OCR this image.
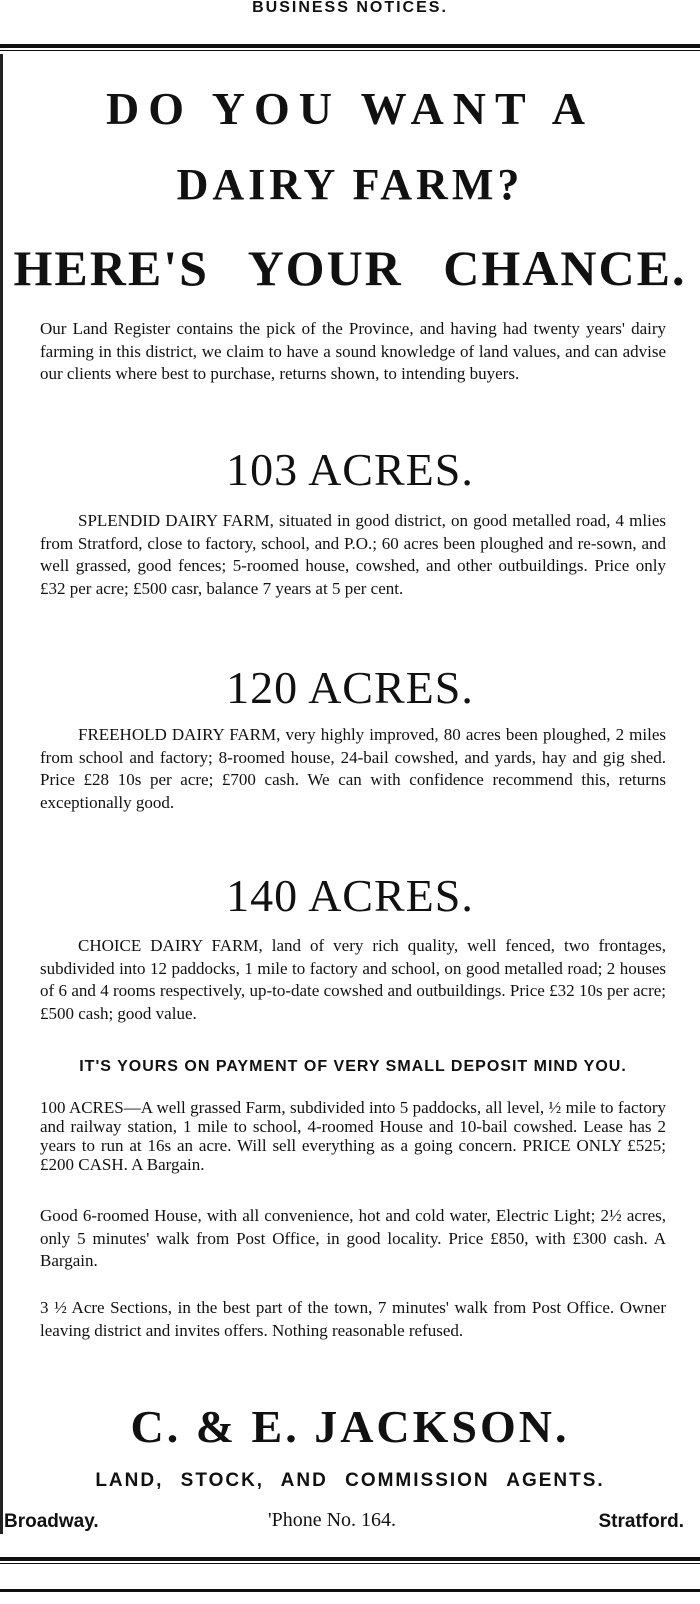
BUSINESS NOTICES.
DO YOU WANT A
DAIRY FARM?
HERE'S YOUR CHANCE.
Our Land Register contains the pick of the Province, and having had twenty years' dairy farming in this district, we claim to have a sound knowledge of land values, and can advise our clients where best to purchase, returns shown, to intending buyers.
103 ACRES.
SPLENDID DAIRY FARM, situated in good district, on good metalled road, 4 mlies from Stratford, close to factory, school, and P.O.; 60 acres been ploughed and re-sown, and well grassed, good fences; 5-roomed house, cowshed, and other outbuildings. Price only £32 per acre; £500 casr, balance 7 years at 5 per cent.
120 ACRES.
FREEHOLD DAIRY FARM, very highly improved, 80 acres been ploughed, 2 miles from school and factory; 8-roomed house, 24-bail cowshed, and yards, hay and gig shed. Price £28 10s per acre; £700 cash. We can with confidence recommend this, returns exceptionally good.
140 ACRES.
CHOICE DAIRY FARM, land of very rich quality, well fenced, two frontages, subdivided into 12 paddocks, 1 mile to factory and school, on good metalled road; 2 houses of 6 and 4 rooms respectively, up-to-date cowshed and outbuildings. Price £32 10s per acre; £500 cash; good value.
IT'S YOURS ON PAYMENT OF VERY SMALL DEPOSIT MIND YOU.
100 ACRES—A well grassed Farm, subdivided into 5 paddocks, all level, ½ mile to factory and railway station, 1 mile to school, 4-roomed House and 10-bail cowshed. Lease has 2 years to run at 16s an acre. Will sell everything as a going concern. PRICE ONLY £525; £200 CASH. A Bargain.
Good 6-roomed House, with all convenience, hot and cold water, Electric Light; 2½ acres, only 5 minutes' walk from Post Office, in good locality. Price £850, with £300 cash. A Bargain.
3 ½ Acre Sections, in the best part of the town, 7 minutes' walk from Post Office. Owner leaving district and invites offers. Nothing reasonable refused.
C. & E. JACKSON.
LAND, STOCK, AND COMMISSION AGENTS.
Broadway.	'Phone No. 164.	Stratford.
